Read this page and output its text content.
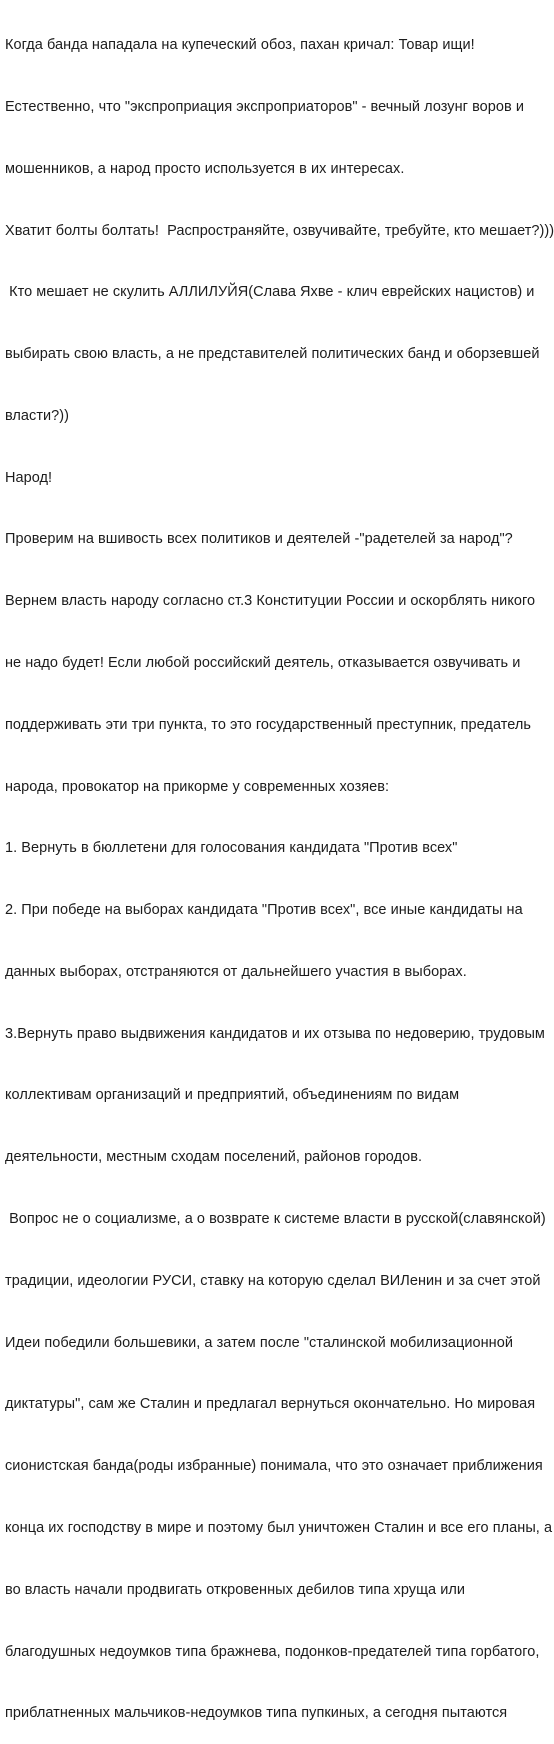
Когда банда нападала на купеческий обоз, пахан кричал: Товар ищи!

Естественно, что "экспроприация экспроприаторов" - вечный лозунг воров и

мошенников, а народ просто используется в их интересах.

Хватит болты болтать!  Распространяйте, озвучивайте, требуйте, кто мешает?)))

Кто мешает не скулить АЛЛИЛУЙЯ(Слава Яхве - клич еврейских нацистов) и

выбирать свою власть, а не представителей политических банд и оборзевшей

власти?))

Народ!

Проверим на вшивость всех политиков и деятелей -"радетелей за народ"?

Вернем власть народу согласно ст.3 Конституции России и оскорблять никого

не надо будет! Если любой российский деятель, отказывается озвучивать и

поддерживать эти три пункта, то это государственный преступник, предатель

народа, провокатор на прикорме у современных хозяев:

1. Вернуть в бюллетени для голосования кандидата "Против всех"

2. При победе на выборах кандидата "Против всех", все иные кандидаты на

данных выборах, отстраняются от дальнейшего участия в выборах.

3.Вернуть право выдвижения кандидатов и их отзыва по недоверию, трудовым

коллективам организаций и предприятий, объединениям по видам

деятельности, местным сходам поселений, районов городов.

Вопрос не о социализме, а о возврате к системе власти в русской(славянской)

традиции, идеологии РУСИ, ставку на которую сделал ВИЛенин и за счет этой

Идеи победили большевики, а затем после "сталинской мобилизационной

диктатуры", сам же Сталин и предлагал вернуться окончательно. Но мировая

сионистская банда(роды избранные) понимала, что это означает приближения

конца их господству в мире и поэтому был уничтожен Сталин и все его планы, а

во власть начали продвигать откровенных дебилов типа хруща или

благодушных недоумков типа бражнева, подонков-предателей типа горбатого,

приблатненных мальчиков-недоумков типа пупкиных, а сегодня пытаются
